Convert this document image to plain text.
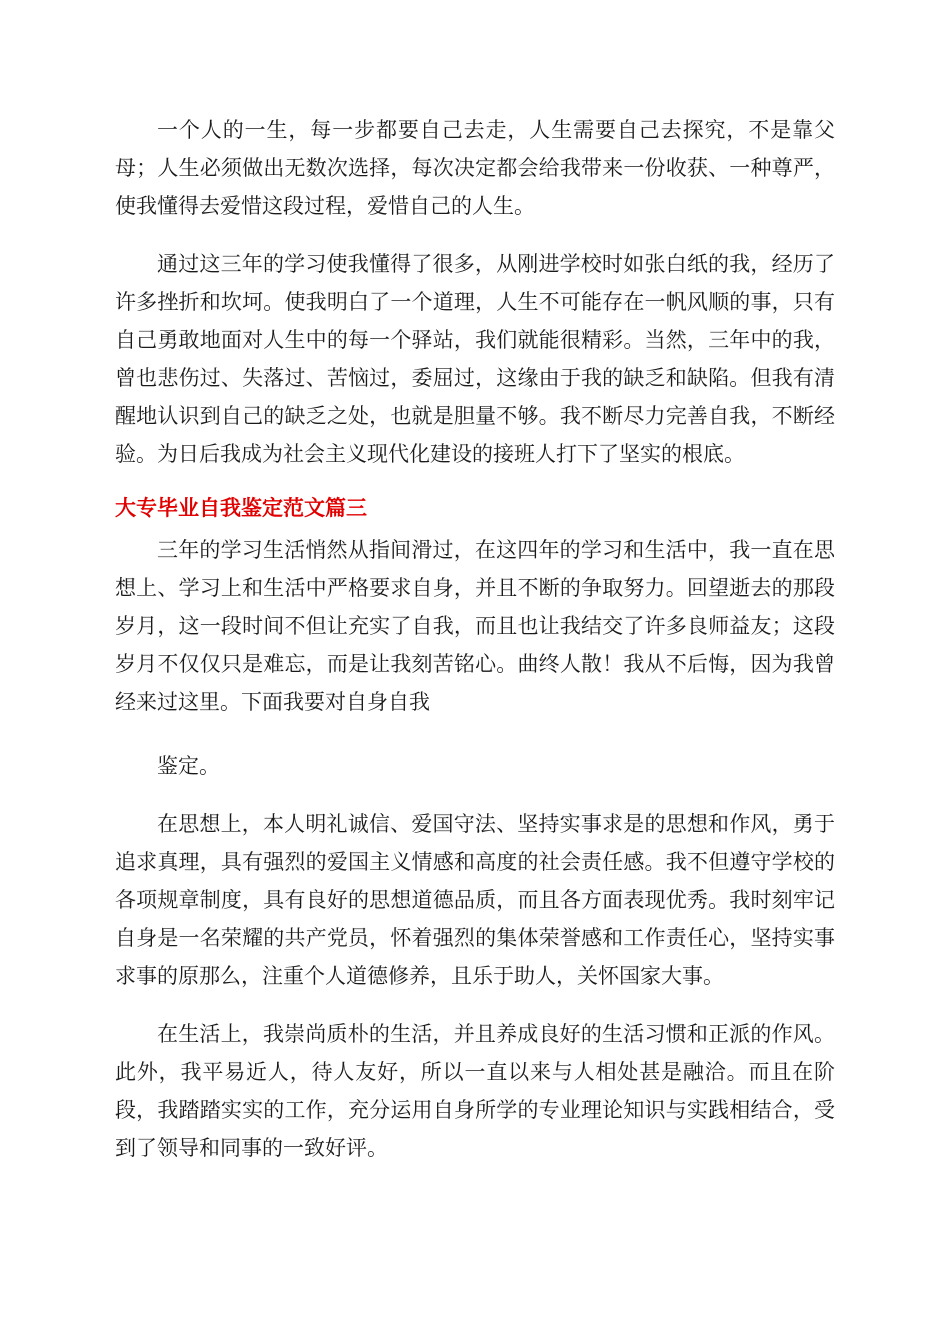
一个人的一生，每一步都要自己去走，人生需要自己去探究，不是靠父母；人生必须做出无数次选择，每次决定都会给我带来一份收获、一种尊严，使我懂得去爱惜这段过程，爱惜自己的人生。

通过这三年的学习使我懂得了很多，从刚进学校时如张白纸的我，经历了许多挫折和坎坷。使我明白了一个道理，人生不可能存在一帆风顺的事，只有自己勇敢地面对人生中的每一个驿站，我们就能很精彩。当然，三年中的我，曾也悲伤过、失落过、苦恼过，委屈过，这缘由于我的缺乏和缺陷。但我有清醒地认识到自己的缺乏之处，也就是胆量不够。我不断尽力完善自我，不断经验。为日后我成为社会主义现代化建设的接班人打下了坚实的根底。

大专毕业自我鉴定范文篇三

三年的学习生活悄然从指间滑过，在这四年的学习和生活中，我一直在思想上、学习上和生活中严格要求自身，并且不断的争取努力。回望逝去的那段岁月，这一段时间不但让充实了自我，而且也让我结交了许多良师益友；这段岁月不仅仅只是难忘，而是让我刻苦铭心。曲终人散！我从不后悔，因为我曾经来过这里。下面我要对自身自我

鉴定。

在思想上，本人明礼诚信、爱国守法、坚持实事求是的思想和作风，勇于追求真理，具有强烈的爱国主义情感和高度的社会责任感。我不但遵守学校的各项规章制度，具有良好的思想道德品质，而且各方面表现优秀。我时刻牢记自身是一名荣耀的共产党员，怀着强烈的集体荣誉感和工作责任心，坚持实事求事的原那么，注重个人道德修养，且乐于助人，关怀国家大事。

在生活上，我崇尚质朴的生活，并且养成良好的生活习惯和正派的作风。此外，我平易近人，待人友好，所以一直以来与人相处甚是融洽。而且在阶段，我踏踏实实的工作，充分运用自身所学的专业理论知识与实践相结合，受到了领导和同事的一致好评。
